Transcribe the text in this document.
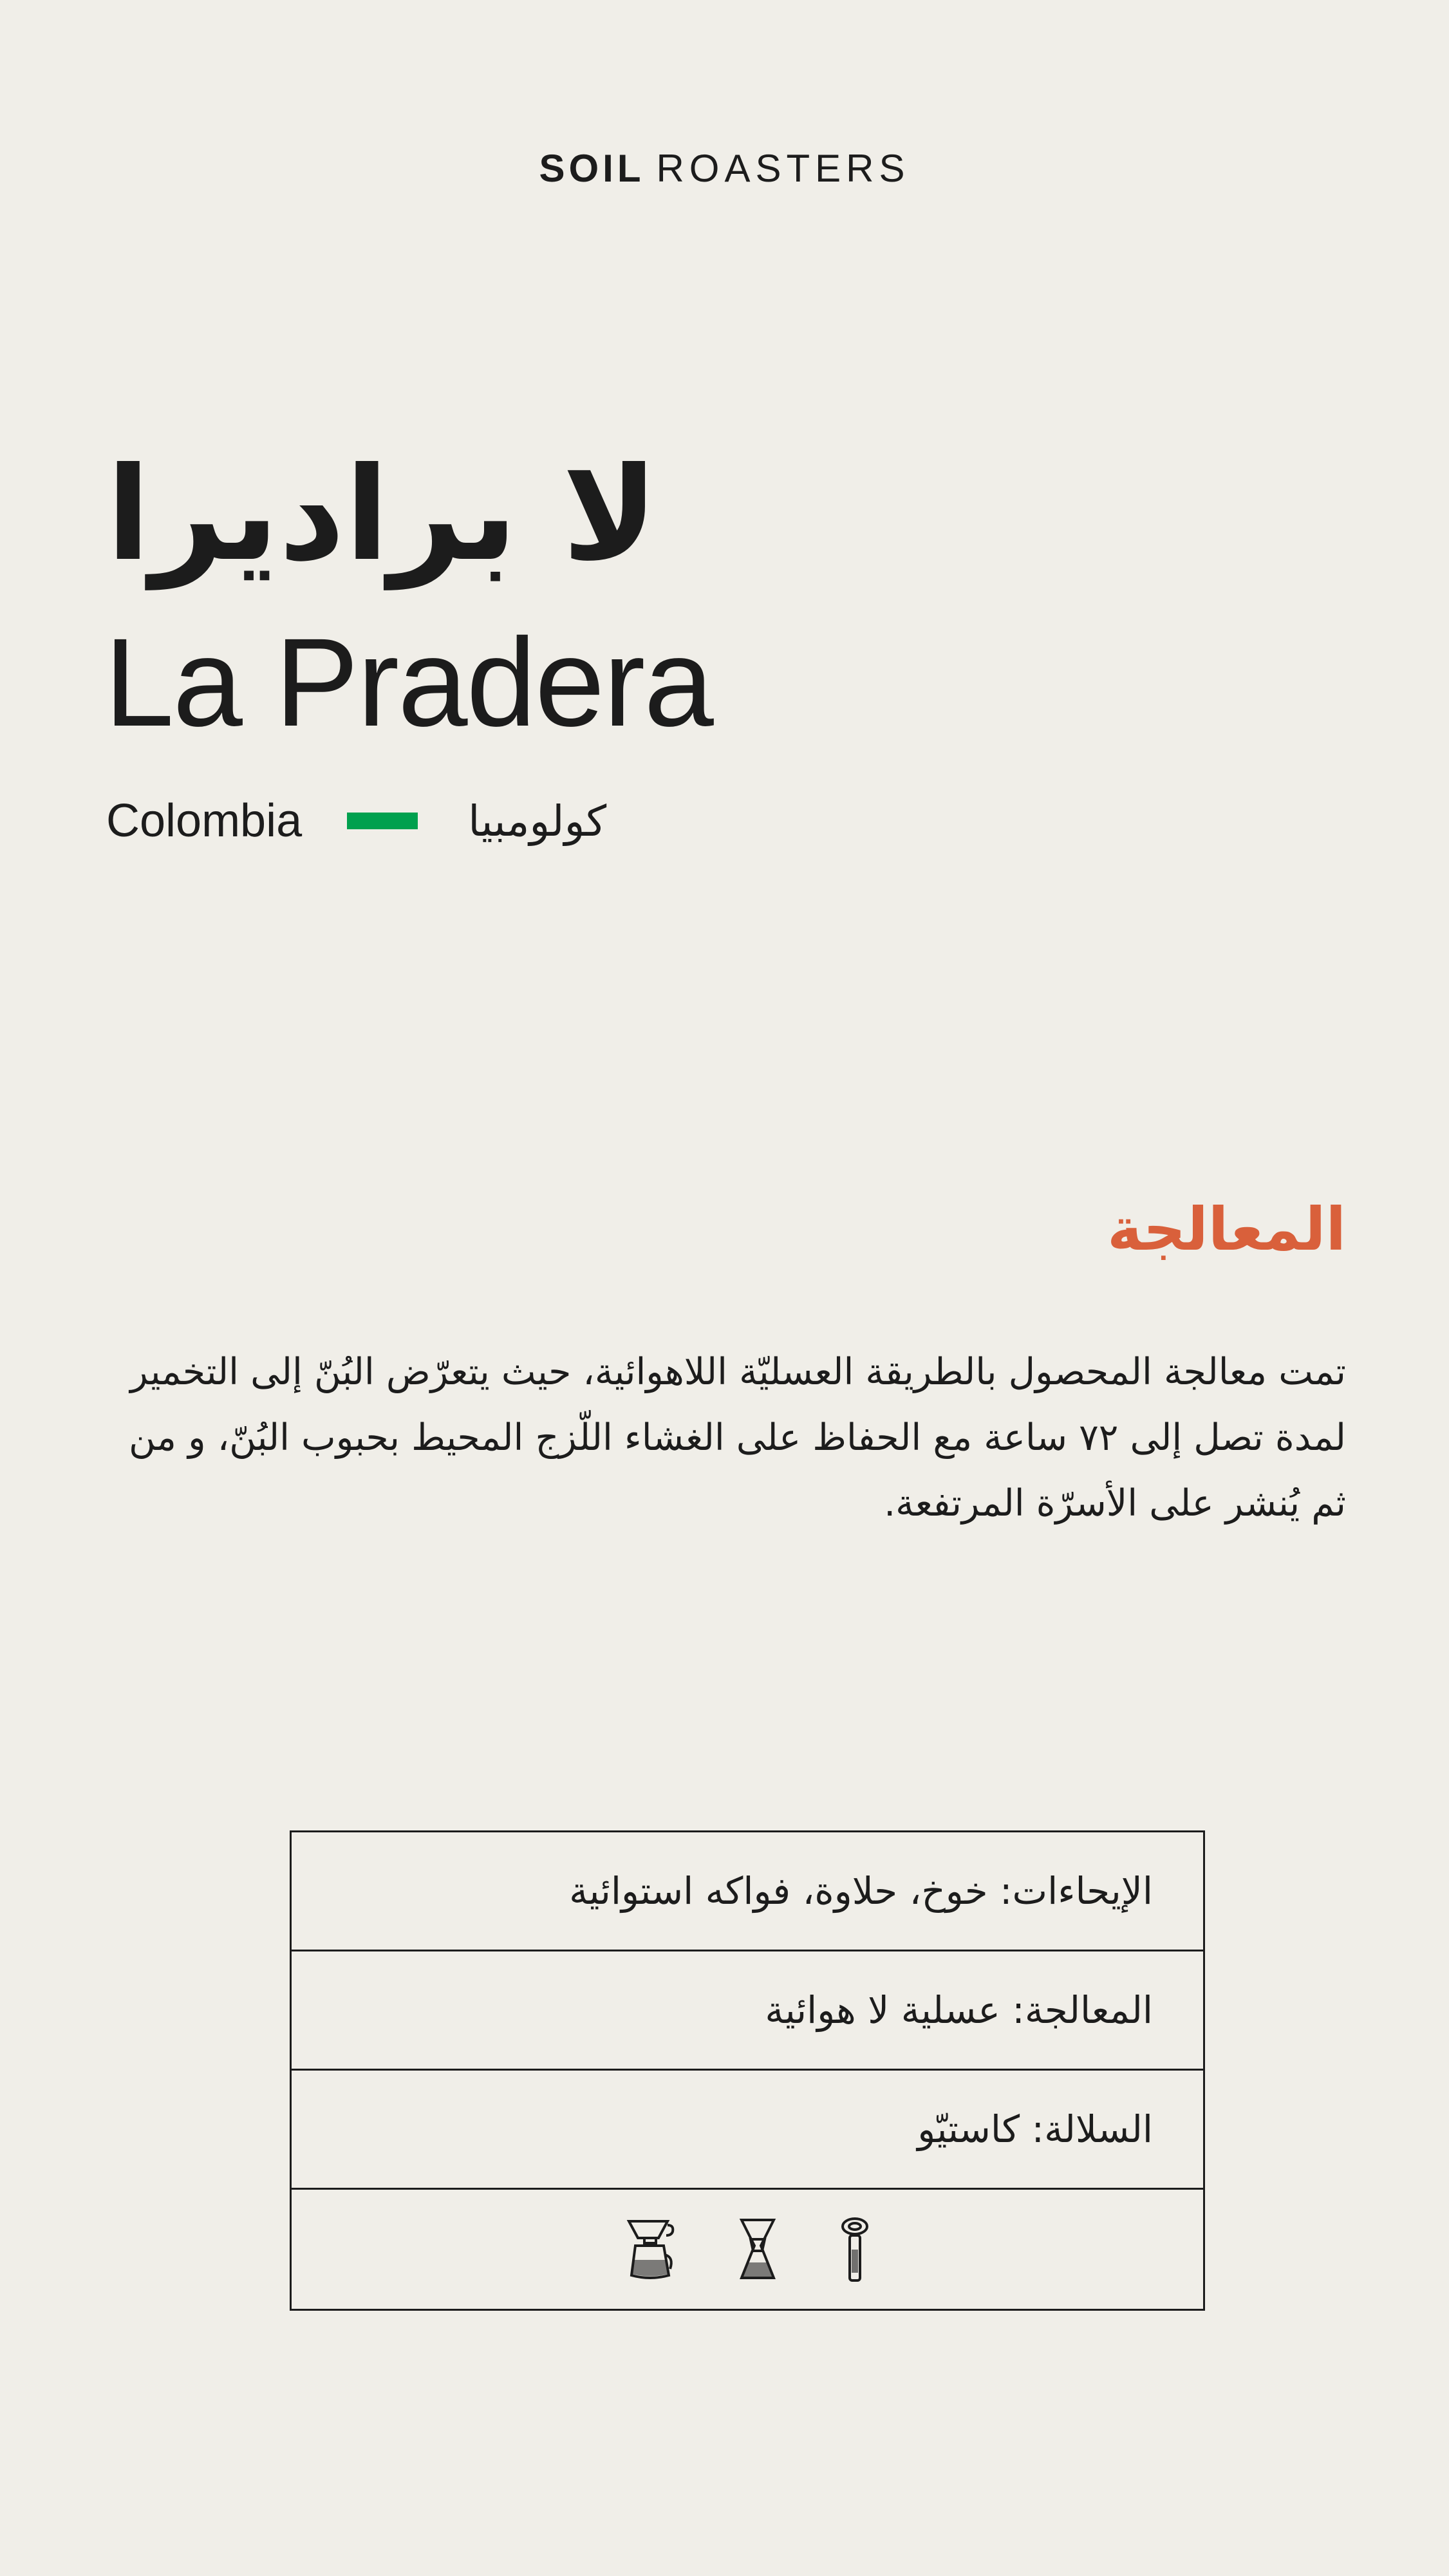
SOIL ROASTERS
لا براديرا
La Pradera
Colombia	كولومبيا
المعالجة
تمت معالجة المحصول بالطريقة العسليّة اللاهوائية، حيث يتعرّض البُنّ إلى التخمير لمدة تصل إلى ٧٢ ساعة مع الحفاظ على الغشاء اللّزج المحيط بحبوب البُنّ، و من ثم يُنشر على الأسرّة المرتفعة.
الإيحاءات: خوخ، حلاوة، فواكه استوائية
المعالجة: عسلية لا هوائية
السلالة: كاستيّو
